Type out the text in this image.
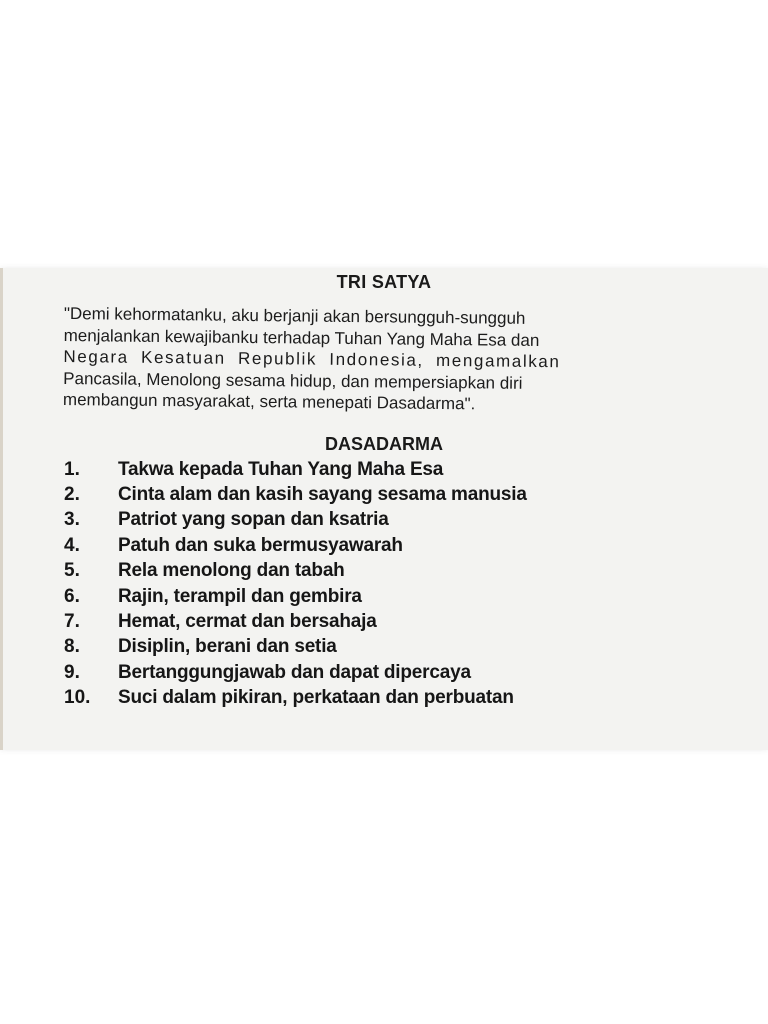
TRI SATYA
"Demi kehormatanku, aku berjanji akan bersungguh-sungguh
menjalankan kewajibanku terhadap Tuhan Yang Maha Esa dan
Negara Kesatuan Republik Indonesia, mengamalkan
Pancasila, Menolong sesama hidup, dan mempersiapkan diri
membangun masyarakat, serta menepati Dasadarma".
DASADARMA
1.	Takwa kepada Tuhan Yang Maha Esa
2.	Cinta alam dan kasih sayang sesama manusia
3.	Patriot yang sopan dan ksatria
4.	Patuh dan suka bermusyawarah
5.	Rela menolong dan tabah
6.	Rajin, terampil dan gembira
7.	Hemat, cermat dan bersahaja
8.	Disiplin, berani dan setia
9.	Bertanggungjawab dan dapat dipercaya
10.	Suci dalam pikiran, perkataan dan perbuatan
